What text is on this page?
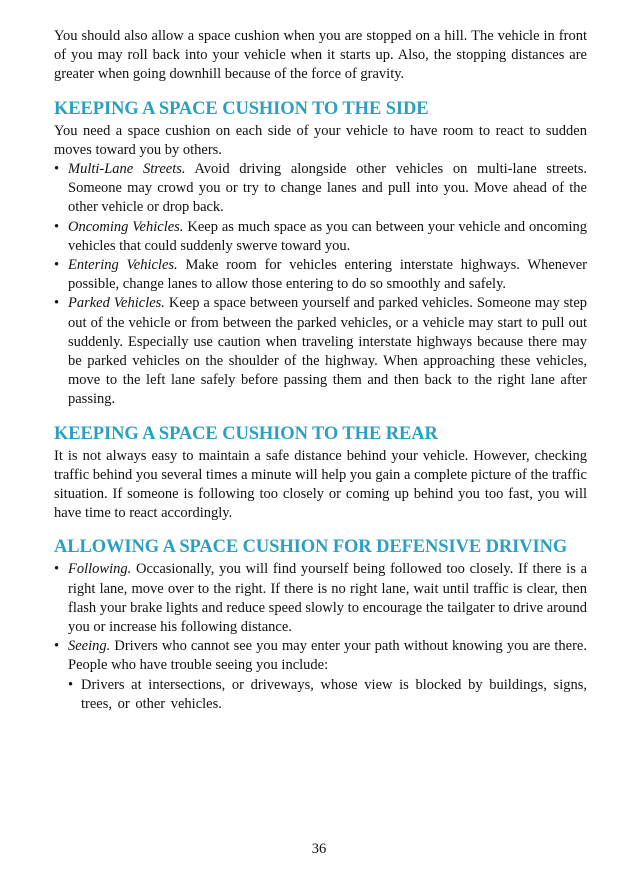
You should also allow a space cushion when you are stopped on a hill. The vehicle in front of you may roll back into your vehicle when it starts up. Also, the stopping distances are greater when going downhill because of the force of gravity.

KEEPING A SPACE CUSHION TO THE SIDE

You need a space cushion on each side of your vehicle to have room to react to sudden moves toward you by others.

• Multi-Lane Streets. Avoid driving alongside other vehicles on multi-lane streets. Someone may crowd you or try to change lanes and pull into you. Move ahead of the other vehicle or drop back.
• Oncoming Vehicles. Keep as much space as you can between your vehicle and oncoming vehicles that could suddenly swerve toward you.
• Entering Vehicles. Make room for vehicles entering interstate highways. Whenever possible, change lanes to allow those entering to do so smoothly and safely.
• Parked Vehicles. Keep a space between yourself and parked vehicles. Someone may step out of the vehicle or from between the parked vehicles, or a vehicle may start to pull out suddenly. Especially use caution when traveling interstate highways because there may be parked vehicles on the shoulder of the highway. When approaching these vehicles, move to the left lane safely before passing them and then back to the right lane after passing.
KEEPING A SPACE CUSHION TO THE REAR

It is not always easy to maintain a safe distance behind your vehicle. However, checking traffic behind you several times a minute will help you gain a complete picture of the traffic situation. If someone is following too closely or coming up behind you too fast, you will have time to react accordingly.

ALLOWING A SPACE CUSHION FOR DEFENSIVE DRIVING
• Following. Occasionally, you will find yourself being followed too closely. If there is a right lane, move over to the right. If there is no right lane, wait until traffic is clear, then flash your brake lights and reduce speed slowly to encourage the tailgater to drive around you or increase his following distance.
• Seeing. Drivers who cannot see you may enter your path without knowing you are there. People who have trouble seeing you include:
• Drivers at intersections, or driveways, whose view is blocked by buildings, signs, trees, or other vehicles.
36
